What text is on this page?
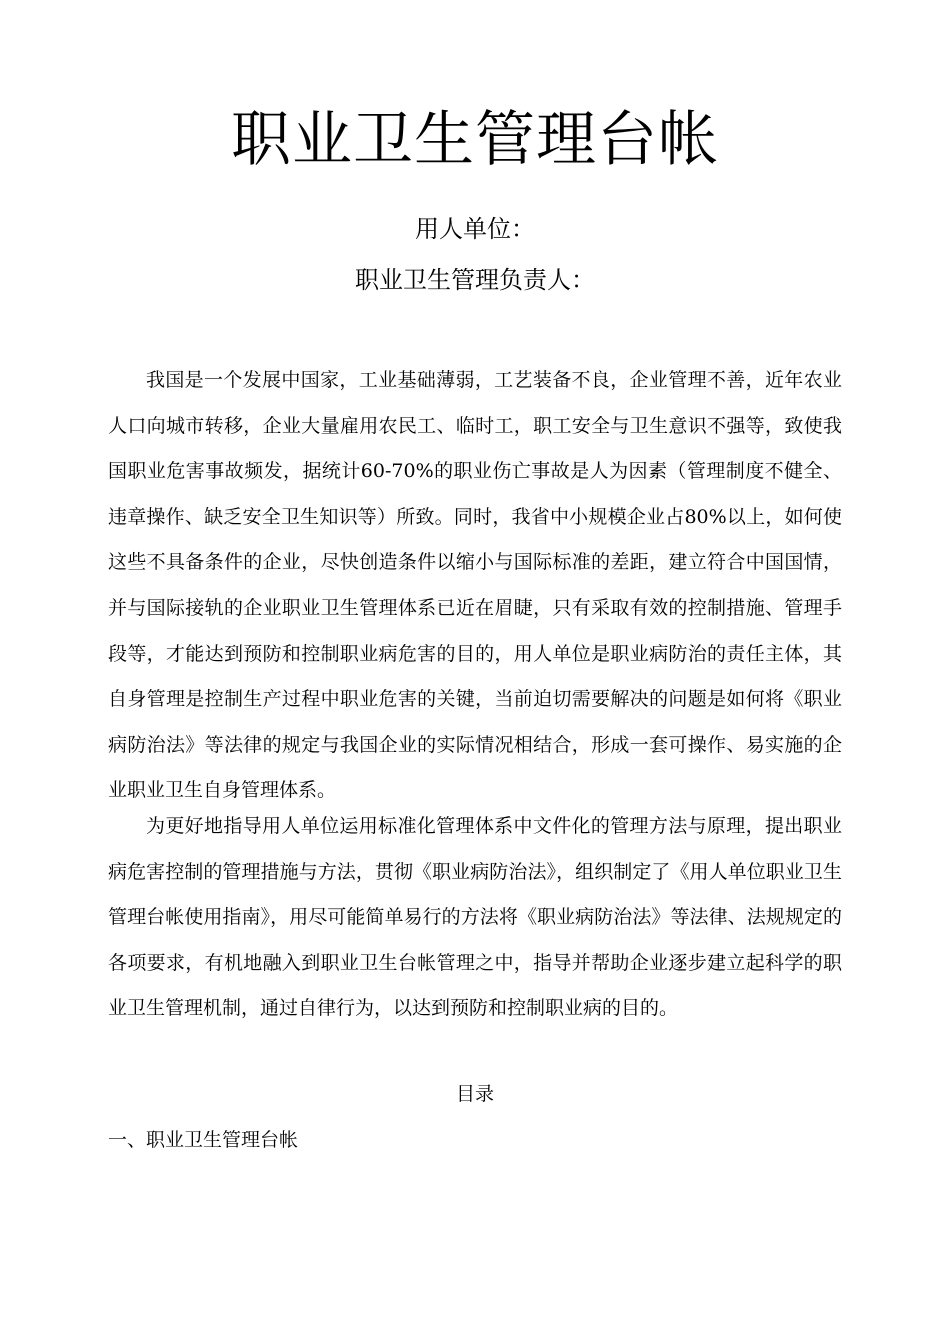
职业卫生管理台帐
用人单位：
职业卫生管理负责人：
我国是一个发展中国家，工业基础薄弱，工艺装备不良，企业管理不善，近年农业人口向城市转移，企业大量雇用农民工、临时工，职工安全与卫生意识不强等，致使我国职业危害事故频发，据统计60-70%的职业伤亡事故是人为因素（管理制度不健全、违章操作、缺乏安全卫生知识等）所致。同时，我省中小规模企业占80%以上，如何使这些不具备条件的企业，尽快创造条件以缩小与国际标准的差距，建立符合中国国情，并与国际接轨的企业职业卫生管理体系已近在眉睫，只有采取有效的控制措施、管理手段等，才能达到预防和控制职业病危害的目的，用人单位是职业病防治的责任主体，其自身管理是控制生产过程中职业危害的关键，当前迫切需要解决的问题是如何将《职业病防治法》等法律的规定与我国企业的实际情况相结合，形成一套可操作、易实施的企业职业卫生自身管理体系。
为更好地指导用人单位运用标准化管理体系中文件化的管理方法与原理，提出职业病危害控制的管理措施与方法，贯彻《职业病防治法》，组织制定了《用人单位职业卫生管理台帐使用指南》，用尽可能简单易行的方法将《职业病防治法》等法律、法规规定的各项要求，有机地融入到职业卫生台帐管理之中，指导并帮助企业逐步建立起科学的职业卫生管理机制，通过自律行为，以达到预防和控制职业病的目的。
目录
一、职业卫生管理台帐
